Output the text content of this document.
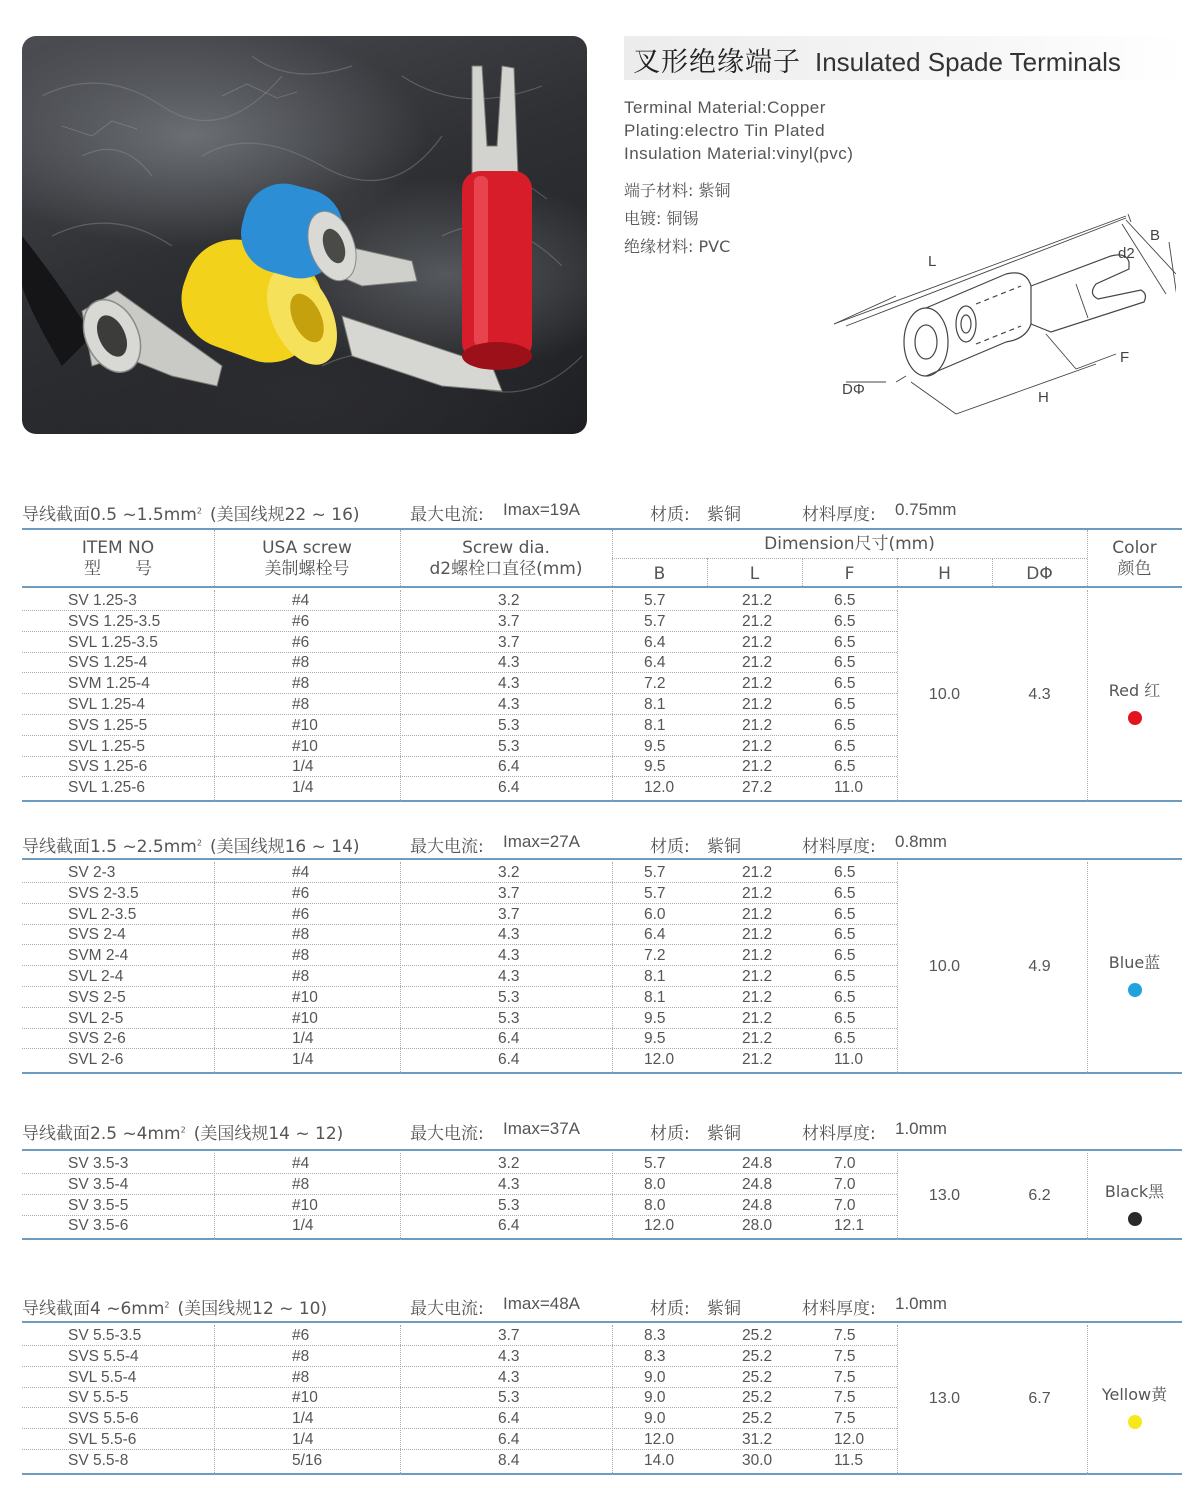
叉形绝缘端子 Insulated Spade Terminals
Terminal Material:Copper
Plating:electro Tin Plated
Insulation Material:vinyl(pvc)
端子材料: 紫铜
电镀: 铜锡
绝缘材料: PVC
L
B
d2
F
H
DΦ
导线截面0.5 $\sim 1.5mm^2$ (美国线规22 ~ 16)	最大电流: Imax=19A	材质: 紫铜	材料厚度: 0.75mm
ITEM NO
型　　号
USA screw
美制螺栓号
Screw dia.
d2螺栓口直径(mm)
Dimension尺寸(mm)
B	L	F	H	DΦ
Color
颜色
SV 1.25-3	#4	3.2	5.7	21.2	6.5
SVS 1.25-3.5	#6	3.7	5.7	21.2	6.5
SVL 1.25-3.5	#6	3.7	6.4	21.2	6.5
SVS 1.25-4	#8	4.3	6.4	21.2	6.5
SVM 1.25-4	#8	4.3	7.2	21.2	6.5
SVL 1.25-4	#8	4.3	8.1	21.2	6.5
SVS 1.25-5	#10	5.3	8.1	21.2	6.5
SVL 1.25-5	#10	5.3	9.5	21.2	6.5
SVS 1.25-6	1/4	6.4	9.5	21.2	6.5
SVL 1.25-6	1/4	6.4	12.0	27.2	11.0
10.0	4.3	Red 红
导线截面1.5 $\sim 2.5mm^2$ (美国线规16 ~ 14)	最大电流: Imax=27A	材质: 紫铜	材料厚度: 0.8mm
SV 2-3	#4	3.2	5.7	21.2	6.5
SVS 2-3.5	#6	3.7	5.7	21.2	6.5
SVL 2-3.5	#6	3.7	6.0	21.2	6.5
SVS 2-4	#8	4.3	6.4	21.2	6.5
SVM 2-4	#8	4.3	7.2	21.2	6.5
SVL 2-4	#8	4.3	8.1	21.2	6.5
SVS 2-5	#10	5.3	8.1	21.2	6.5
SVL 2-5	#10	5.3	9.5	21.2	6.5
SVS 2-6	1/4	6.4	9.5	21.2	6.5
SVL 2-6	1/4	6.4	12.0	21.2	11.0
10.0	4.9	Blue蓝
导线截面2.5 $\sim 4mm^2$ (美国线规14 ~ 12)	最大电流: Imax=37A	材质: 紫铜	材料厚度: 1.0mm
SV 3.5-3	#4	3.2	5.7	24.8	7.0
SV 3.5-4	#8	4.3	8.0	24.8	7.0
SV 3.5-5	#10	5.3	8.0	24.8	7.0
SV 3.5-6	1/4	6.4	12.0	28.0	12.1
13.0	6.2	Black黑
导线截面4 $\sim 6mm^2$ (美国线规12 ~ 10)	最大电流: Imax=48A	材质: 紫铜	材料厚度: 1.0mm
SV 5.5-3.5	#6	3.7	8.3	25.2	7.5
SVS 5.5-4	#8	4.3	8.3	25.2	7.5
SVL 5.5-4	#8	4.3	9.0	25.2	7.5
SV 5.5-5	#10	5.3	9.0	25.2	7.5
SVS 5.5-6	1/4	6.4	9.0	25.2	7.5
SVL 5.5-6	1/4	6.4	12.0	31.2	12.0
SV 5.5-8	5/16	8.4	14.0	30.0	11.5
13.0	6.7	Yellow黄
